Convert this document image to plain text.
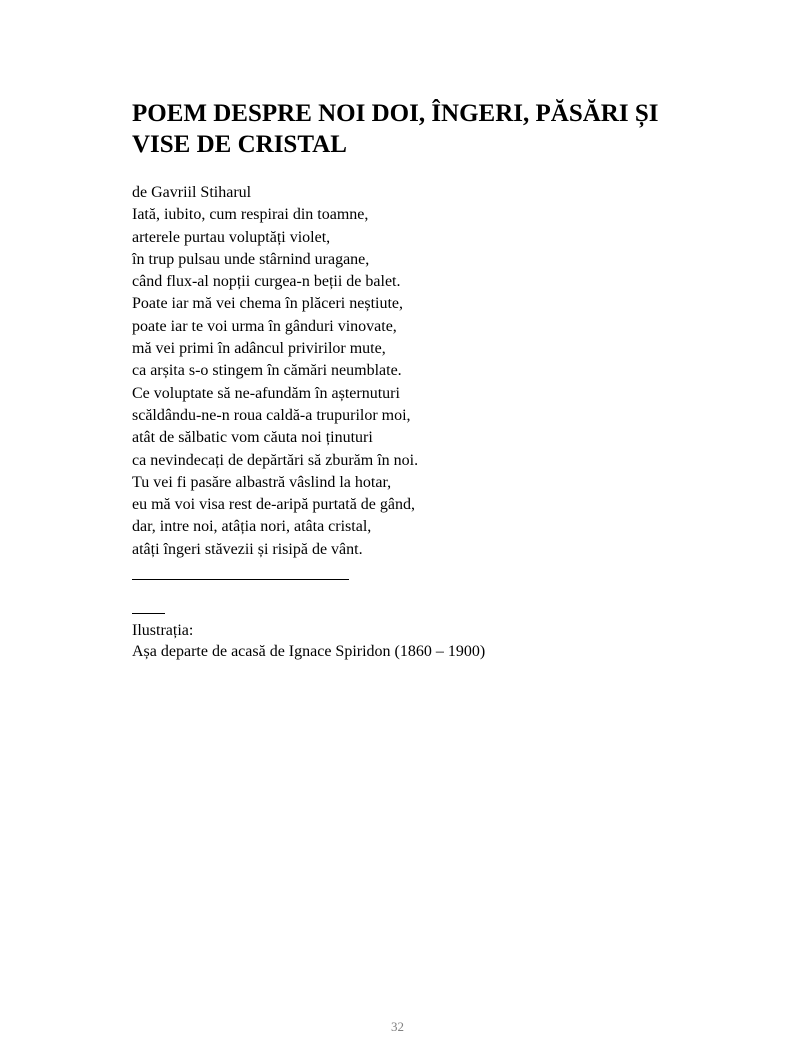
POEM DESPRE NOI DOI, ÎNGERI, PĂSĂRI ȘI VISE DE CRISTAL
de Gavriil Stiharul
Iată, iubito, cum respirai din toamne,
arterele purtau voluptăți violet,
în trup pulsau unde stârnind uragane,
când flux-al nopții curgea-n bețiі de balet.
Poate iar mă vei chema în plăceri neștiute,
poate iar te voi urma în gânduri vinovate,
mă vei primi în adâncul privirilor mute,
ca arșita s-o stingem în cămări neumblate.
Ce voluptate să ne-afundăm în așternuturi
scăldându-ne-n roua caldă-a trupurilor moi,
atât de sălbatic vom căuta noi ținuturi
ca nevindecați de depărtări să zburăm în noi.
Tu vei fi pasăre albastră vâslind la hotar,
eu mă voi visa rest de-aripă purtată de gând,
dar, intre noi, atâția nori, atâta cristal,
atâți îngeri stăvezii și risipă de vânt.
Ilustrația:
Așa departe de acasă de Ignace Spiridon (1860 – 1900)
32
